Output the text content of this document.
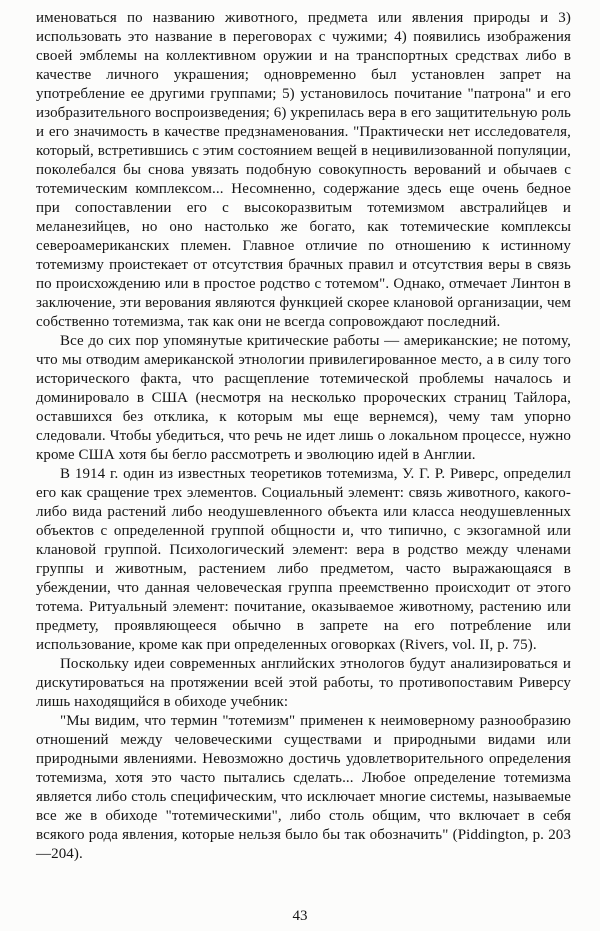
именоваться по названию животного, предмета или явления природы и 3) использовать это название в переговорах с чужими; 4) появились изображения своей эмблемы на коллективном оружии и на транспортных средствах либо в качестве личного украшения; одновременно был установлен запрет на употребление ее другими группами; 5) установилось почитание "патрона" и его изобразительного воспроизведения; 6) укрепилась вера в его защитительную роль и его значимость в качестве предзнаменования. "Практически нет исследователя, который, встретившись с этим состоянием вещей в нецивилизованной популяции, поколебался бы снова увязать подобную совокупность верований и обычаев с тотемическим комплексом... Несомненно, содержание здесь еще очень бедное при сопоставлении его с высокоразвитым тотемизмом австралийцев и меланезийцев, но оно настолько же богато, как тотемические комплексы североамериканских племен. Главное отличие по отношению к истинному тотемизму проистекает от отсутствия брачных правил и отсутствия веры в связь по происхождению или в простое родство с тотемом". Однако, отмечает Линтон в заключение, эти верования являются функцией скорее клановой организации, чем собственно тотемизма, так как они не всегда сопровождают последний.

Все до сих пор упомянутые критические работы — американские; не потому, что мы отводим американской этнологии привилегированное место, а в силу того исторического факта, что расщепление тотемической проблемы началось и доминировало в США (несмотря на несколько пророческих страниц Тайлора, оставшихся без отклика, к которым мы еще вернемся), чему там упорно следовали. Чтобы убедиться, что речь не идет лишь о локальном процессе, нужно кроме США хотя бы бегло рассмотреть и эволюцию идей в Англии.

В 1914 г. один из известных теоретиков тотемизма, У. Г. Р. Риверс, определил его как сращение трех элементов. Социальный элемент: связь животного, какого-либо вида растений либо неодушевленного объекта или класса неодушевленных объектов с определенной группой общности и, что типично, с экзогамной или клановой группой. Психологический элемент: вера в родство между членами группы и животным, растением либо предметом, часто выражающаяся в убеждении, что данная человеческая группа преемственно происходит от этого тотема. Ритуальный элемент: почитание, оказываемое животному, растению или предмету, проявляющееся обычно в запрете на его потребление или использование, кроме как при определенных оговорках (Rivers, vol. II, p. 75).

Поскольку идеи современных английских этнологов будут анализироваться и дискутироваться на протяжении всей этой работы, то противопоставим Риверсу лишь находящийся в обиходе учебник:

"Мы видим, что термин "тотемизм" применен к неимоверному разнообразию отношений между человеческими существами и природными видами или природными явлениями. Невозможно достичь удовлетворительного определения тотемизма, хотя это часто пытались сделать... Любое определение тотемизма является либо столь специфическим, что исключает многие системы, называемые все же в обиходе "тотемическими", либо столь общим, что включает в себя всякого рода явления, которые нельзя было бы так обозначить" (Piddington, p. 203—204).

43
